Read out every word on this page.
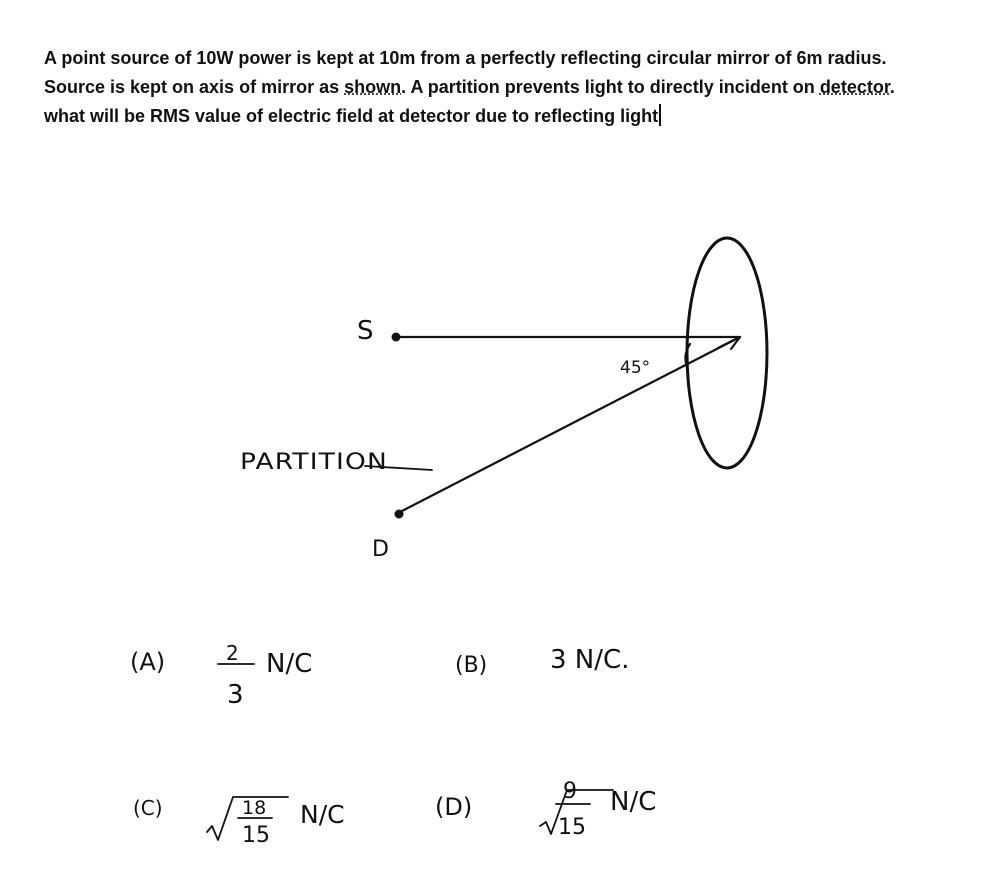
A point source of 10W power is kept at 10m from a perfectly reflecting circular mirror of 6m radius.
Source is kept on axis of mirror as shown. A partition prevents light to directly incident on detector.
what will be RMS value of electric field at detector due to reflecting light
S
45°
PARTITION
D
(A)	2
3
N/C	(B) 3 N/C.
(C)	18
15
N/C	(D)
9
15
N/C
